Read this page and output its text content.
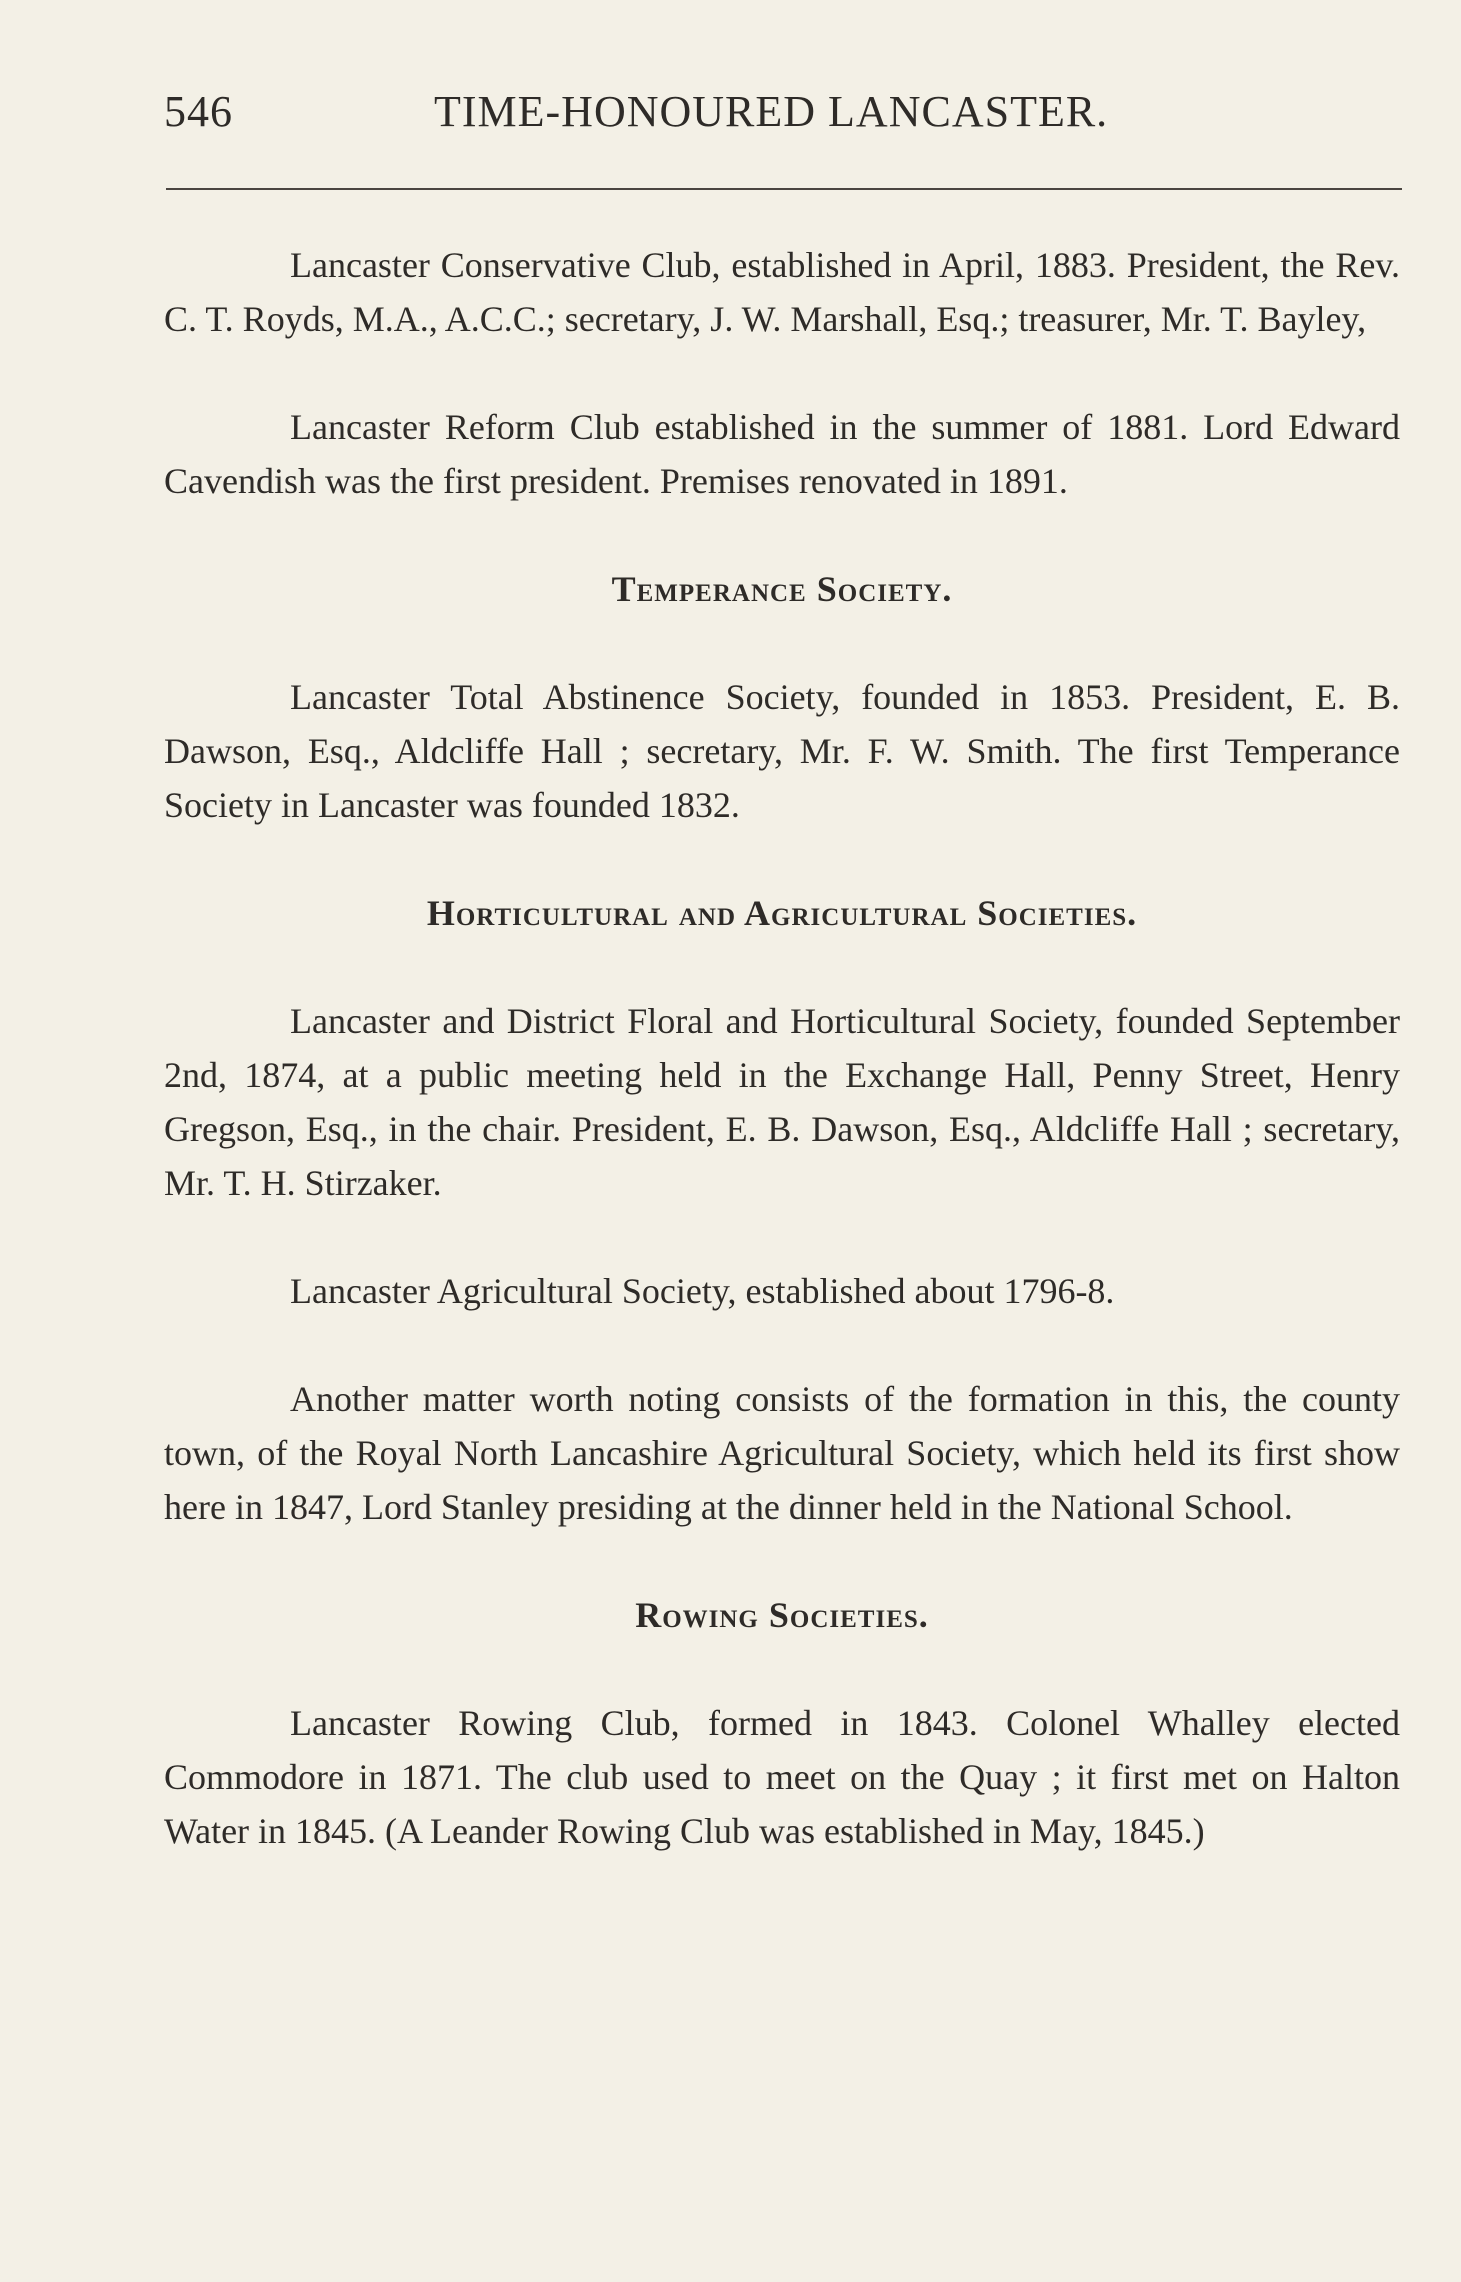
546	TIME-HONOURED LANCASTER.

Lancaster Conservative Club, established in April, 1883. President, the Rev. C. T. Royds, M.A., A.C.C.; secretary, J. W. Marshall, Esq.; treasurer, Mr. T. Bayley,

Lancaster Reform Club established in the summer of 1881. Lord Edward Cavendish was the first president. Premises renovated in 1891.

Temperance Society.

Lancaster Total Abstinence Society, founded in 1853. President, E. B. Dawson, Esq., Aldcliffe Hall ; secretary, Mr. F. W. Smith. The first Temperance Society in Lancaster was founded 1832.

Horticultural and Agricultural Societies.

Lancaster and District Floral and Horticultural Society, founded September 2nd, 1874, at a public meeting held in the Exchange Hall, Penny Street, Henry Gregson, Esq., in the chair. President, E. B. Dawson, Esq., Aldcliffe Hall ; secretary, Mr. T. H. Stirzaker.

Lancaster Agricultural Society, established about 1796-8.

Another matter worth noting consists of the formation in this, the county town, of the Royal North Lancashire Agricultural Society, which held its first show here in 1847, Lord Stanley presiding at the dinner held in the National School.

Rowing Societies.

Lancaster Rowing Club, formed in 1843. Colonel Whalley elected Commodore in 1871. The club used to meet on the Quay ; it first met on Halton Water in 1845. (A Leander Rowing Club was established in May, 1845.)
